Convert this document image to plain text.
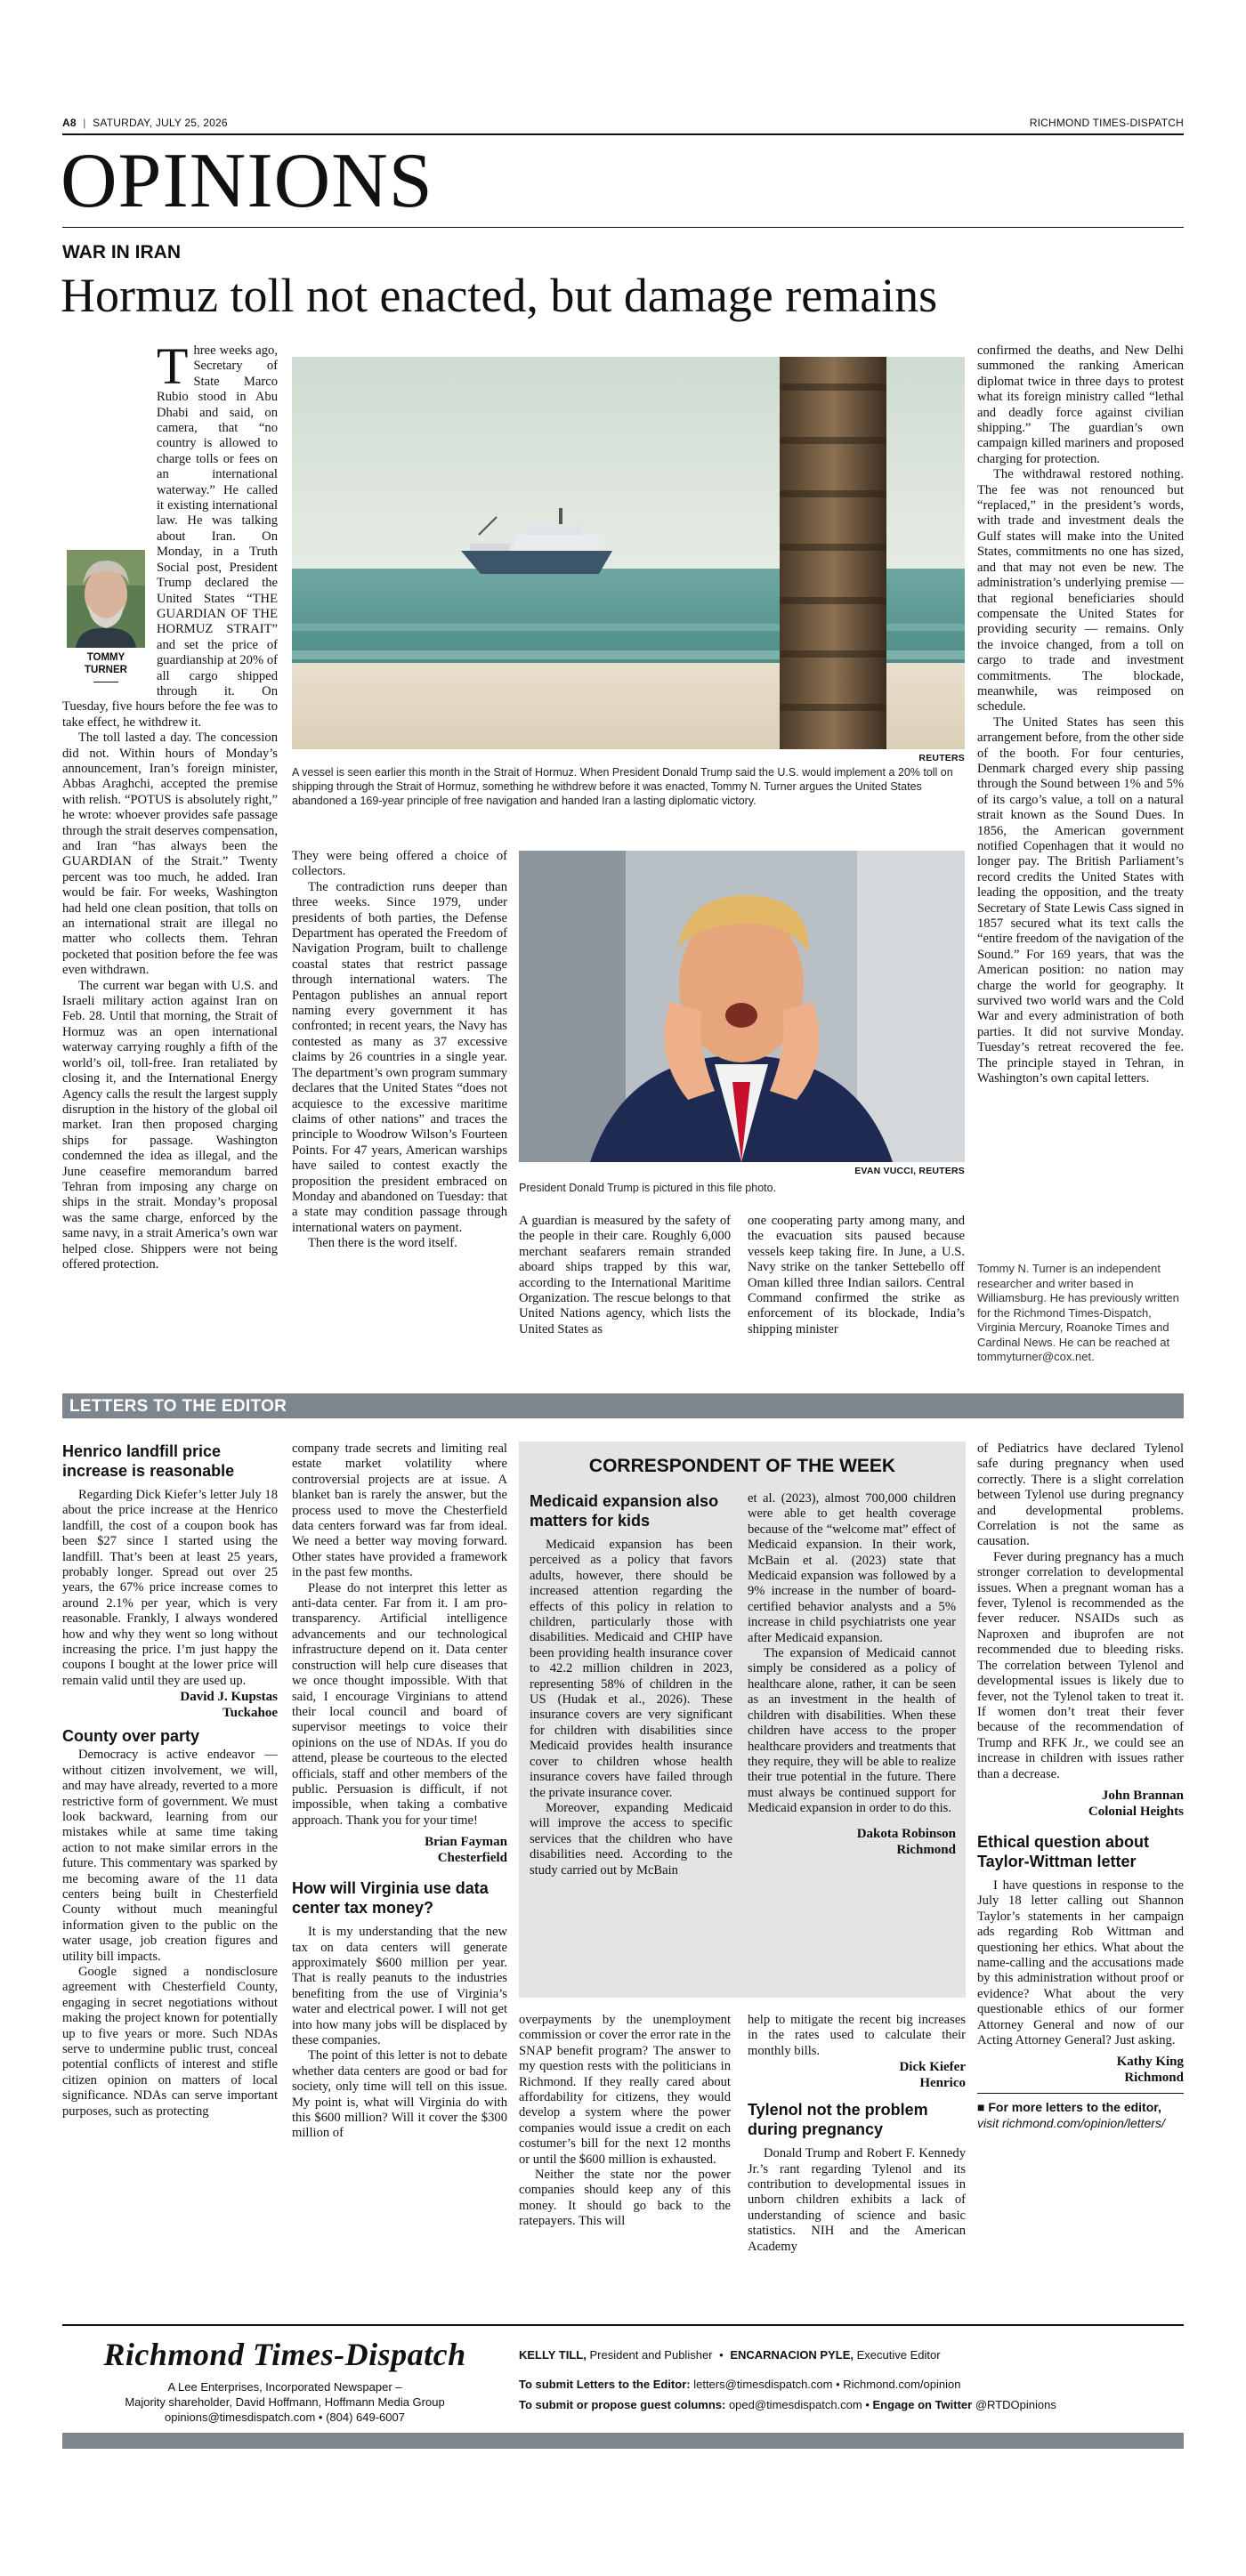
A8 | SATURDAY, JULY 25, 2026	RICHMOND TIMES-DISPATCH
OPINIONS
WAR IN IRAN
Hormuz toll not enacted, but damage remains
TOMMY
TURNER

Three weeks ago, Secretary of State Marco Rubio stood in Abu Dhabi and said, on camera, that “no country is allowed to charge tolls or fees on an international waterway.” He called it existing international law. He was talking about Iran. On Monday, in a Truth Social post, President Trump declared the United States “THE GUARDIAN OF THE HORMUZ STRAIT” and set the price of guardianship at 20% of all cargo shipped through it. On Tuesday, five hours before the fee was to take effect, he withdrew it.

The toll lasted a day. The concession did not. Within hours of Monday’s announcement, Iran’s foreign minister, Abbas Araghchi, accepted the premise with relish. “POTUS is absolutely right,” he wrote: whoever provides safe passage through the strait deserves compensation, and Iran “has always been the GUARDIAN of the Strait.” Twenty percent was too much, he added. Iran would be fair. For weeks, Washington had held one clean position, that tolls on an international strait are illegal no matter who collects them. Tehran pocketed that position before the fee was even withdrawn.

The current war began with U.S. and Israeli military action against Iran on Feb. 28. Until that morning, the Strait of Hormuz was an open international waterway carrying roughly a fifth of the world’s oil, toll-free. Iran retaliated by closing it, and the International Energy Agency calls the result the largest supply disruption in the history of the global oil market. Iran then proposed charging ships for passage. Washington condemned the idea as illegal, and the June ceasefire memorandum barred Tehran from imposing any charge on ships in the strait. Monday’s proposal was the same charge, enforced by the same navy, in a strait America’s own war helped close. Shippers were not being offered protection.

REUTERS
A vessel is seen earlier this month in the Strait of Hormuz. When President Donald Trump said the U.S. would implement a 20% toll on shipping through the Strait of Hormuz, something he withdrew before it was enacted, Tommy N. Turner argues the United States abandoned a 169-year principle of free navigation and handed Iran a lasting diplomatic victory.

They were being offered a choice of collectors.

The contradiction runs deeper than three weeks. Since 1979, under presidents of both parties, the Defense Department has operated the Freedom of Navigation Program, built to challenge coastal states that restrict passage through international waters. The Pentagon publishes an annual report naming every government it has confronted; in recent years, the Navy has contested as many as 37 excessive claims by 26 countries in a single year. The department’s own program summary declares that the United States “does not acquiesce to the excessive maritime claims of other nations” and traces the principle to Woodrow Wilson’s Fourteen Points. For 47 years, American warships have sailed to contest exactly the proposition the president embraced on Monday and abandoned on Tuesday: that a state may condition passage through international waters on payment.

Then there is the word itself.

EVAN VUCCI, REUTERS
President Donald Trump is pictured in this file photo.

A guardian is measured by the safety of the people in their care. Roughly 6,000 merchant seafarers remain stranded aboard ships trapped by this war, according to the International Maritime Organization. The rescue belongs to that United Nations agency, which lists the United States as

one cooperating party among many, and the evacuation sits paused because vessels keep taking fire. In June, a U.S. Navy strike on the tanker Settebello off Oman killed three Indian sailors. Central Command confirmed the strike as enforcement of its blockade, India’s shipping minister

confirmed the deaths, and New Delhi summoned the ranking American diplomat twice in three days to protest what its foreign ministry called “lethal and deadly force against civilian shipping.” The guardian’s own campaign killed mariners and proposed charging for protection.

The withdrawal restored nothing. The fee was not renounced but “replaced,” in the president’s words, with trade and investment deals the Gulf states will make into the United States, commitments no one has sized, and that may not even be new. The administration’s underlying premise — that regional beneficiaries should compensate the United States for providing security — remains. Only the invoice changed, from a toll on cargo to trade and investment commitments. The blockade, meanwhile, was reimposed on schedule.

The United States has seen this arrangement before, from the other side of the booth. For four centuries, Denmark charged every ship passing through the Sound between 1% and 5% of its cargo’s value, a toll on a natural strait known as the Sound Dues. In 1856, the American government notified Copenhagen that it would no longer pay. The British Parliament’s record credits the United States with leading the opposition, and the treaty Secretary of State Lewis Cass signed in 1857 secured what its text calls the “entire freedom of the navigation of the Sound.” For 169 years, that was the American position: no nation may charge the world for geography. It survived two world wars and the Cold War and every administration of both parties. It did not survive Monday. Tuesday’s retreat recovered the fee. The principle stayed in Tehran, in Washington’s own capital letters.

Tommy N. Turner is an independent researcher and writer based in Williamsburg. He has previously written for the Richmond Times-Dispatch, Virginia Mercury, Roanoke Times and Cardinal News. He can be reached at tommyturner@cox.net.
LETTERS TO THE EDITOR
Henrico landfill price increase is reasonable

Regarding Dick Kiefer’s letter July 18 about the price increase at the Henrico landfill, the cost of a coupon book has been $27 since I started using the landfill. That’s been at least 25 years, probably longer. Spread out over 25 years, the 67% price increase comes to around 2.1% per year, which is very reasonable. Frankly, I always wondered how and why they went so long without increasing the price. I’m just happy the coupons I bought at the lower price will remain valid until they are used up.

David J. Kupstas
Tuckahoe
County over party

Democracy is active endeavor — without citizen involvement, we will, and may have already, reverted to a more restrictive form of government. We must look backward, learning from our mistakes while at same time taking action to not make similar errors in the future. This commentary was sparked by me becoming aware of the 11 data centers being built in Chesterfield County without much meaningful information given to the public on the water usage, job creation figures and utility bill impacts.

Google signed a nondisclosure agreement with Chesterfield County, engaging in secret negotiations without making the project known for potentially up to five years or more. Such NDAs serve to undermine public trust, conceal potential conflicts of interest and stifle citizen opinion on matters of local significance. NDAs can serve important purposes, such as protecting

company trade secrets and limiting real estate market volatility where controversial projects are at issue. A blanket ban is rarely the answer, but the process used to move the Chesterfield data centers forward was far from ideal. We need a better way moving forward. Other states have provided a framework in the past few months.

Please do not interpret this letter as anti-data center. Far from it. I am pro-transparency. Artificial intelligence advancements and our technological infrastructure depend on it. Data center construction will help cure diseases that we once thought impossible. With that said, I encourage Virginians to attend their local council and board of supervisor meetings to voice their opinions on the use of NDAs. If you do attend, please be courteous to the elected officials, staff and other members of the public. Persuasion is difficult, if not impossible, when taking a combative approach. Thank you for your time!

Brian Fayman
Chesterfield
How will Virginia use data center tax money?

It is my understanding that the new tax on data centers will generate approximately $600 million per year. That is really peanuts to the industries benefiting from the use of Virginia’s water and electrical power. I will not get into how many jobs will be displaced by these companies.

The point of this letter is not to debate whether data centers are good or bad for society, only time will tell on this issue. My point is, what will Virginia do with this $600 million? Will it cover the $300 million of

CORRESPONDENT OF THE WEEK
Medicaid expansion also matters for kids

Medicaid expansion has been perceived as a policy that favors adults, however, there should be increased attention regarding the effects of this policy in relation to children, particularly those with disabilities. Medicaid and CHIP have been providing health insurance cover to 42.2 million children in 2023, representing 58% of children in the US (Hudak et al., 2026). These insurance covers are very significant for children with disabilities since Medicaid provides health insurance cover to children whose health insurance covers have failed through the private insurance cover.

Moreover, expanding Medicaid will improve the access to specific services that the children who have disabilities need. According to the study carried out by McBain

et al. (2023), almost 700,000 children were able to get health coverage because of the “welcome mat” effect of Medicaid expansion. In their work, McBain et al. (2023) state that Medicaid expansion was followed by a 9% increase in the number of board-certified behavior analysts and a 5% increase in child psychiatrists one year after Medicaid expansion.

The expansion of Medicaid cannot simply be considered as a policy of healthcare alone, rather, it can be seen as an investment in the health of children with disabilities. When these children have access to the proper healthcare providers and treatments that they require, they will be able to realize their true potential in the future. There must always be continued support for Medicaid expansion in order to do this.

Dakota Robinson
Richmond

overpayments by the unemployment commission or cover the error rate in the SNAP benefit program? The answer to my question rests with the politicians in Richmond. If they really cared about affordability for citizens, they would develop a system where the power companies would issue a credit on each costumer’s bill for the next 12 months or until the $600 million is exhausted.

Neither the state nor the power companies should keep any of this money. It should go back to the ratepayers. This will

help to mitigate the recent big increases in the rates used to calculate their monthly bills.

Dick Kiefer
Henrico
Tylenol not the problem during pregnancy

Donald Trump and Robert F. Kennedy Jr.’s rant regarding Tylenol and its contribution to developmental issues in unborn children exhibits a lack of understanding of science and basic statistics. NIH and the American Academy

of Pediatrics have declared Tylenol safe during pregnancy when used correctly. There is a slight correlation between Tylenol use during pregnancy and developmental problems. Correlation is not the same as causation.

Fever during pregnancy has a much stronger correlation to developmental issues. When a pregnant woman has a fever, Tylenol is recommended as the fever reducer. NSAIDs such as Naproxen and ibuprofen are not recommended due to bleeding risks. The correlation between Tylenol and developmental issues is likely due to fever, not the Tylenol taken to treat it. If women don’t treat their fever because of the recommendation of Trump and RFK Jr., we could see an increase in children with issues rather than a decrease.

John Brannan
Colonial Heights
Ethical question about Taylor-Wittman letter

I have questions in response to the July 18 letter calling out Shannon Taylor’s statements in her campaign ads regarding Rob Wittman and questioning her ethics. What about the name-calling and the accusations made by this administration without proof or evidence? What about the very questionable ethics of our former Attorney General and now of our Acting Attorney General? Just asking.

Kathy King
Richmond
■ For more letters to the editor, visit richmond.com/opinion/letters/
Richmond Times-Dispatch
A Lee Enterprises, Incorporated Newspaper –
Majority shareholder, David Hoffmann, Hoffmann Media Group
opinions@timesdispatch.com • (804) 649-6007
KELLY TILL, President and Publisher • ENCARNACION PYLE, Executive Editor
To submit Letters to the Editor: letters@timesdispatch.com • Richmond.com/opinion
To submit or propose guest columns: oped@timesdispatch.com • Engage on Twitter @RTDOpinions
